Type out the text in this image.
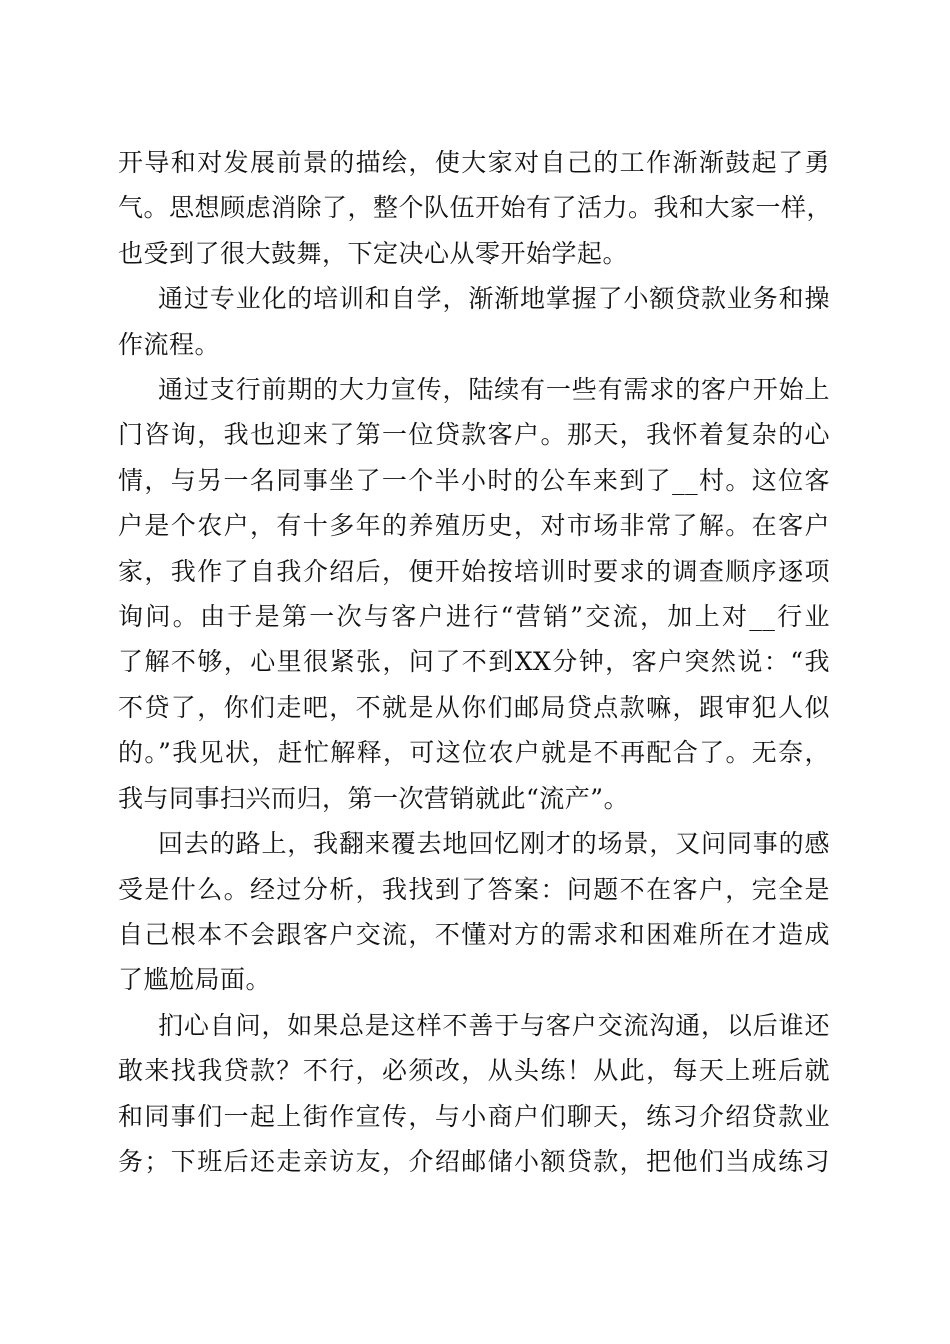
开导和对发展前景的描绘，使大家对自己的工作渐渐鼓起了勇
气。思想顾虑消除了，整个队伍开始有了活力。我和大家一样，
也受到了很大鼓舞，下定决心从零开始学起。

通过专业化的培训和自学，渐渐地掌握了小额贷款业务和操
作流程。

通过支行前期的大力宣传，陆续有一些有需求的客户开始上
门咨询，我也迎来了第一位贷款客户。那天，我怀着复杂的心
情，与另一名同事坐了一个半小时的公车来到了__村。这位客
户是个农户，有十多年的养殖历史，对市场非常了解。在客户
家，我作了自我介绍后，便开始按培训时要求的调查顺序逐项
询问。由于是第一次与客户进行“营销”交流，加上对__行业
了解不够，心里很紧张，问了不到XX分钟，客户突然说：“我
不贷了，你们走吧，不就是从你们邮局贷点款嘛，跟审犯人似
的。”我见状，赶忙解释，可这位农户就是不再配合了。无奈，
我与同事扫兴而归，第一次营销就此“流产”。

回去的路上，我翻来覆去地回忆刚才的场景，又问同事的感
受是什么。经过分析，我找到了答案：问题不在客户，完全是
自己根本不会跟客户交流，不懂对方的需求和困难所在才造成
了尴尬局面。

扪心自问，如果总是这样不善于与客户交流沟通，以后谁还
敢来找我贷款？不行，必须改，从头练！从此，每天上班后就
和同事们一起上街作宣传，与小商户们聊天，练习介绍贷款业
务；下班后还走亲访友，介绍邮储小额贷款，把他们当成练习
